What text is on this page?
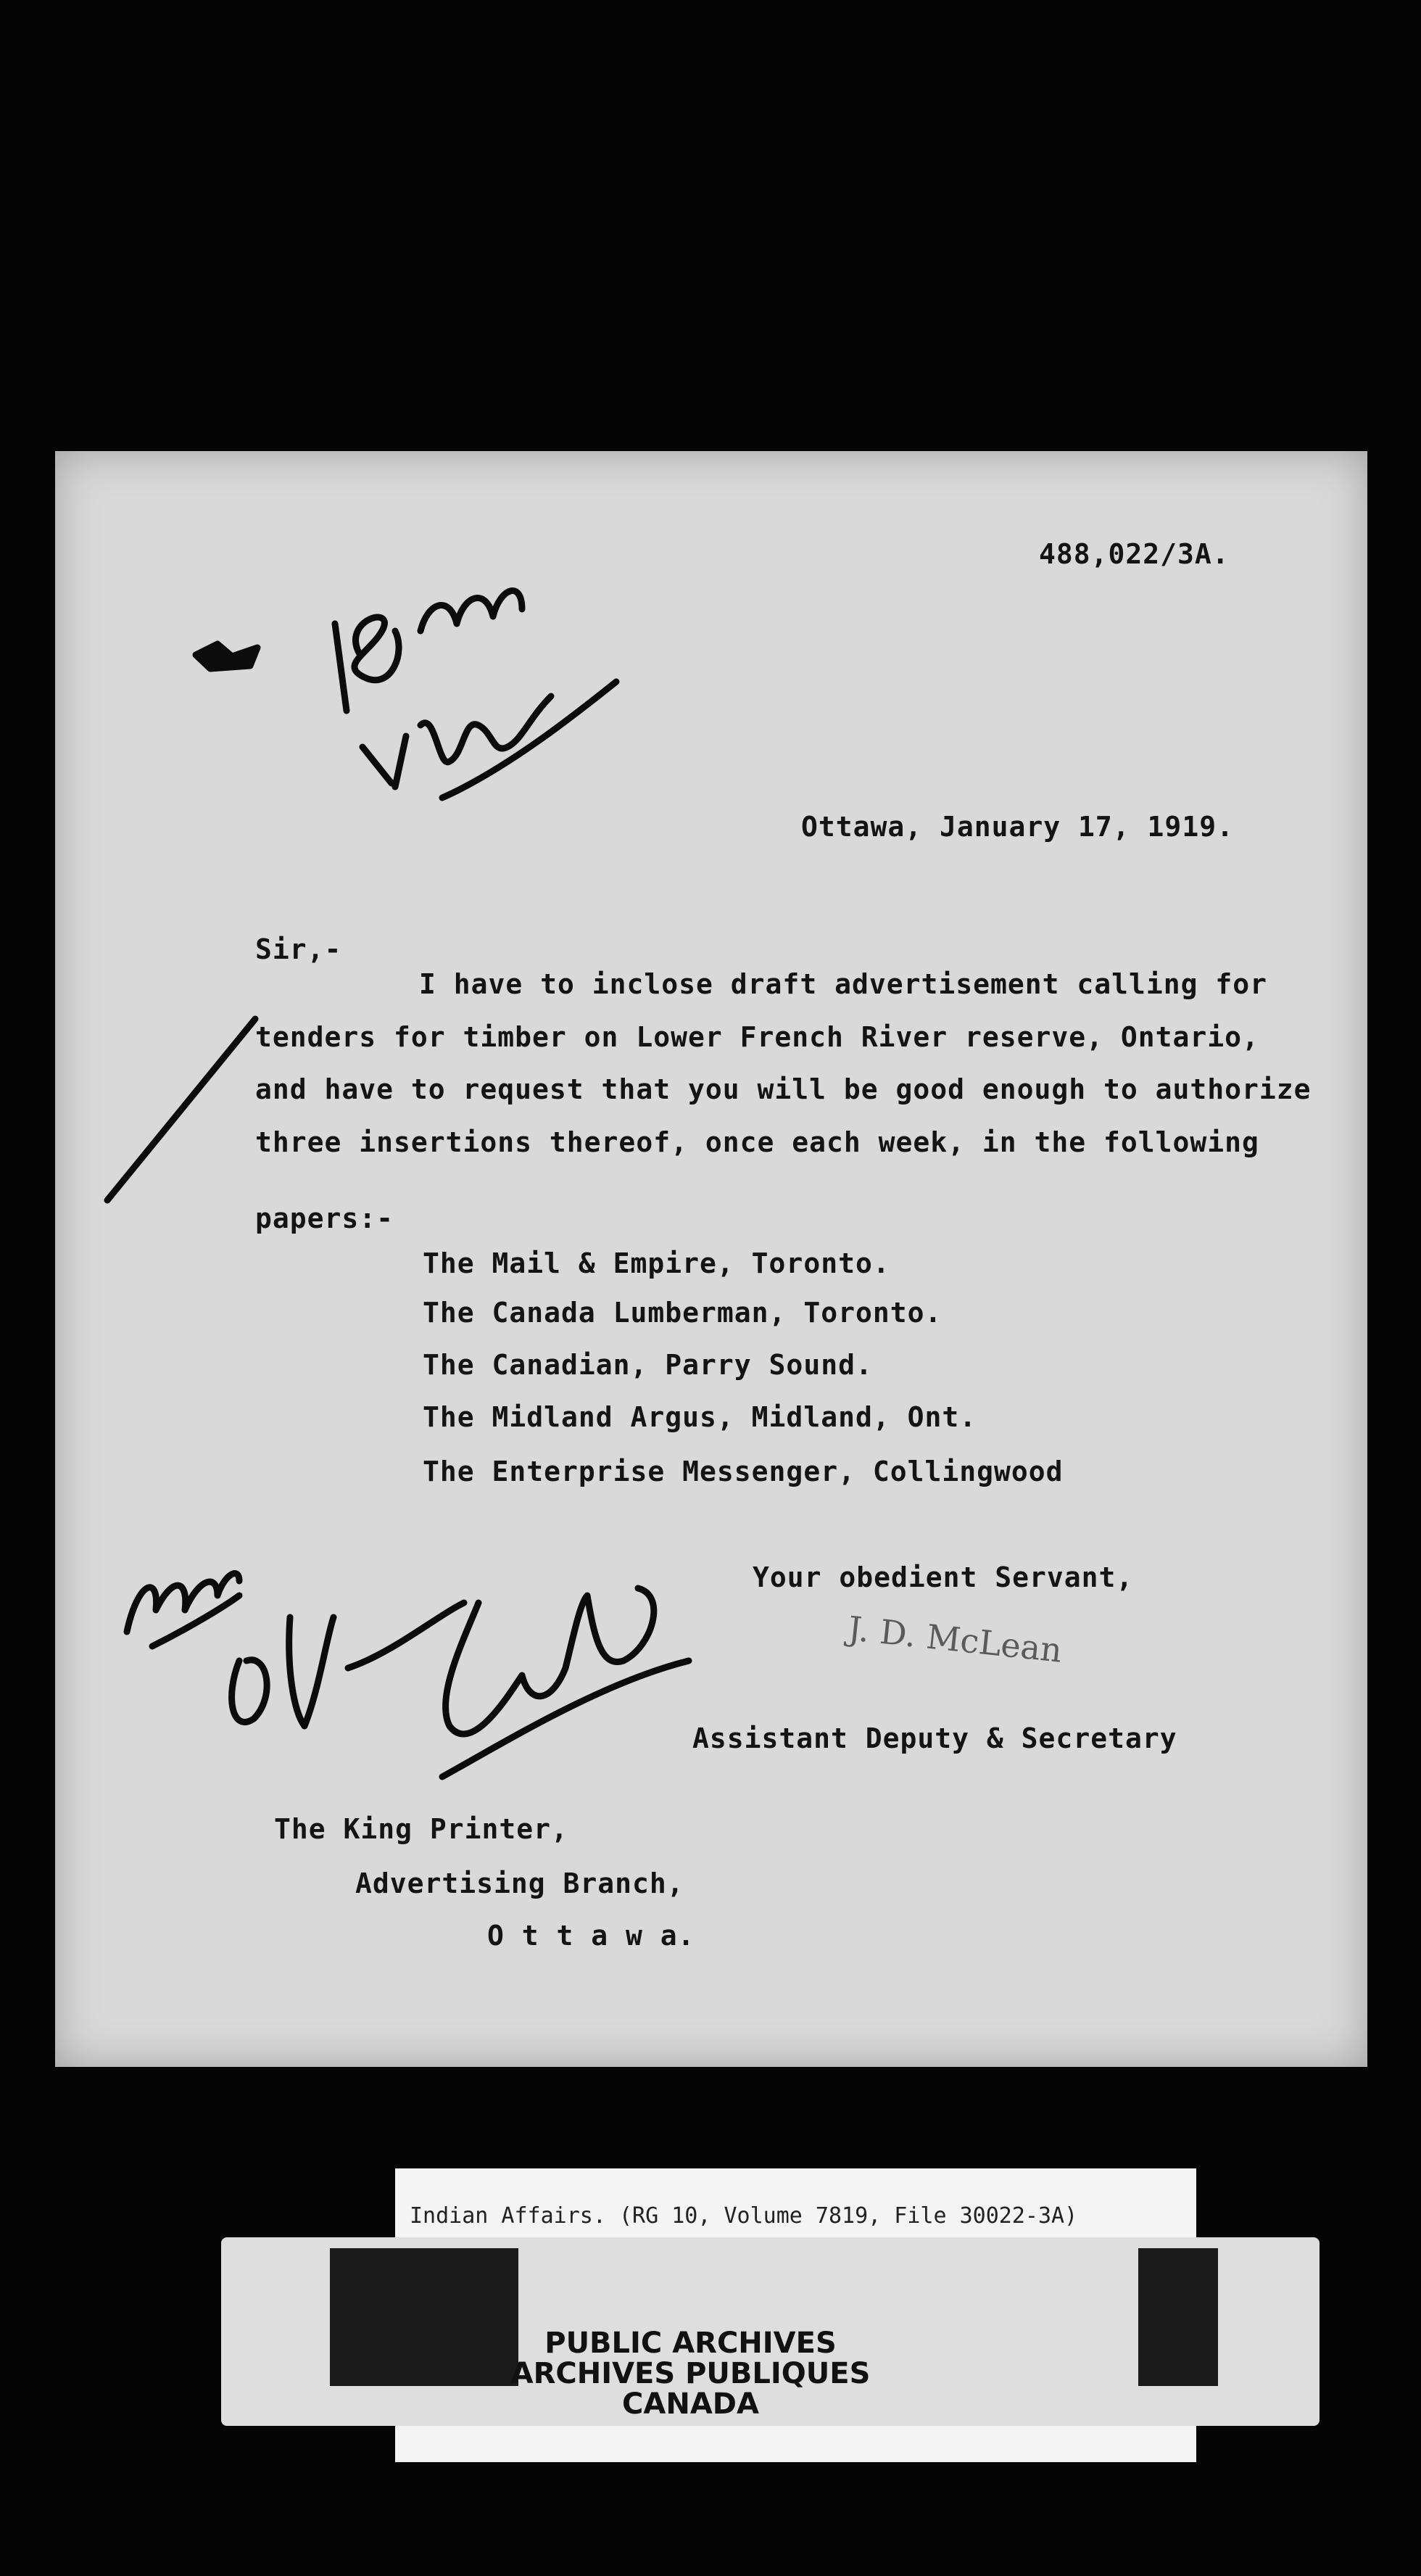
488,022/3A.
Ottawa, January 17, 1919.
Sir,-
I have to inclose draft advertisement calling for
tenders for timber on Lower French River reserve, Ontario,
and have to request that you will be good enough to authorize
three insertions thereof, once each week, in the following
papers:-
The Mail & Empire, Toronto.
The Canada Lumberman, Toronto.
The Canadian, Parry Sound.
The Midland Argus, Midland, Ont.
The Enterprise Messenger, Collingwood
Your obedient Servant,
J. D. McLean
Assistant Deputy & Secretary
The King Printer,
Advertising Branch,
O t t a w a.
Indian Affairs. (RG 10, Volume 7819, File 30022-3A)
PUBLIC ARCHIVES
ARCHIVES PUBLIQUES
CANADA
